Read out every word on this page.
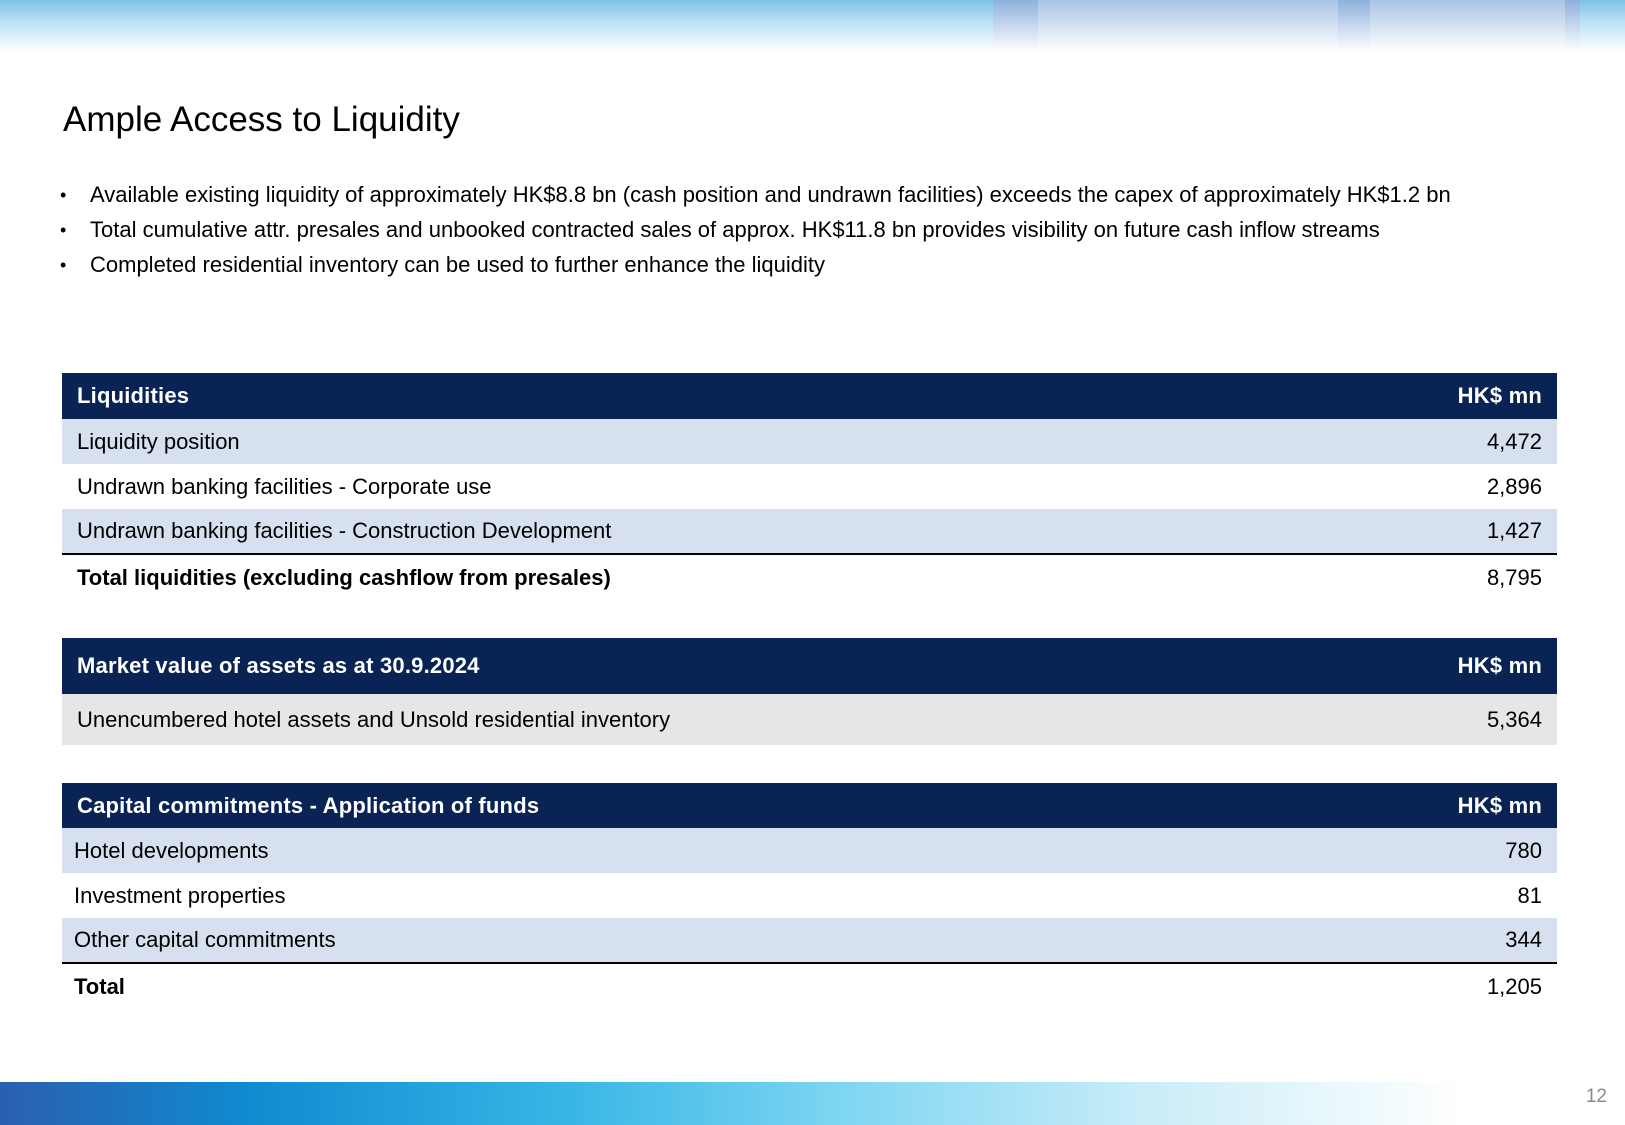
Ample Access to Liquidity
• Available existing liquidity of approximately HK$8.8 bn (cash position and undrawn facilities) exceeds the capex of approximately HK$1.2 bn
• Total cumulative attr. presales and unbooked contracted sales of approx. HK$11.8 bn provides visibility on future cash inflow streams
• Completed residential inventory can be used to further enhance the liquidity
Liquidities	HK$ mn
Liquidity position	4,472
Undrawn banking facilities - Corporate use	2,896
Undrawn banking facilities - Construction Development	1,427
Total liquidities (excluding cashflow from presales)	8,795
Market value of assets as at 30.9.2024	HK$ mn
Unencumbered hotel assets and Unsold residential inventory	5,364
Capital commitments - Application of funds	HK$ mn
Hotel developments	780
Investment properties	81
Other capital commitments	344
Total	1,205
12
